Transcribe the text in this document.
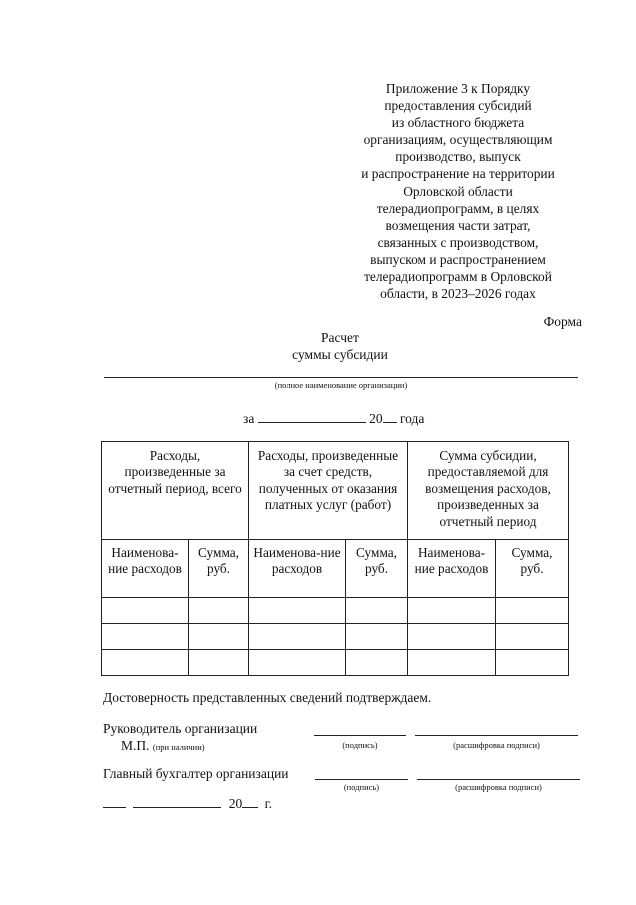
Приложение 3 к Порядку
предоставления субсидий
из областного бюджета
организациям, осуществляющим
производство, выпуск
и распространение на территории
Орловской области
телерадиопрограмм, в целях
возмещения части затрат,
связанных с производством,
выпуском и распространением
телерадиопрограмм в Орловской
области, в 2023–2026 годах
Форма
Расчет
суммы субсидии
(полное наименование организации)
за	20 года
Расходы, произведенные за отчетный период, всего		Расходы, произведенные за счет средств, полученных от оказания платных услуг (работ)		Сумма субсидии, предоставляемой для возмещения расходов, произведенных за отчетный период	
Наименова-ние расходов	Сумма, руб.	Наименова-ние расходов	Сумма, руб.	Наименова-ние расходов	Сумма, руб.

Достоверность представленных сведений подтверждаем.
Руководитель организации
М.П. (при наличии)	(подпись)	(расшифровка подписи)
Главный бухгалтер организации
(подпись)	(расшифровка подписи)
20 г.
